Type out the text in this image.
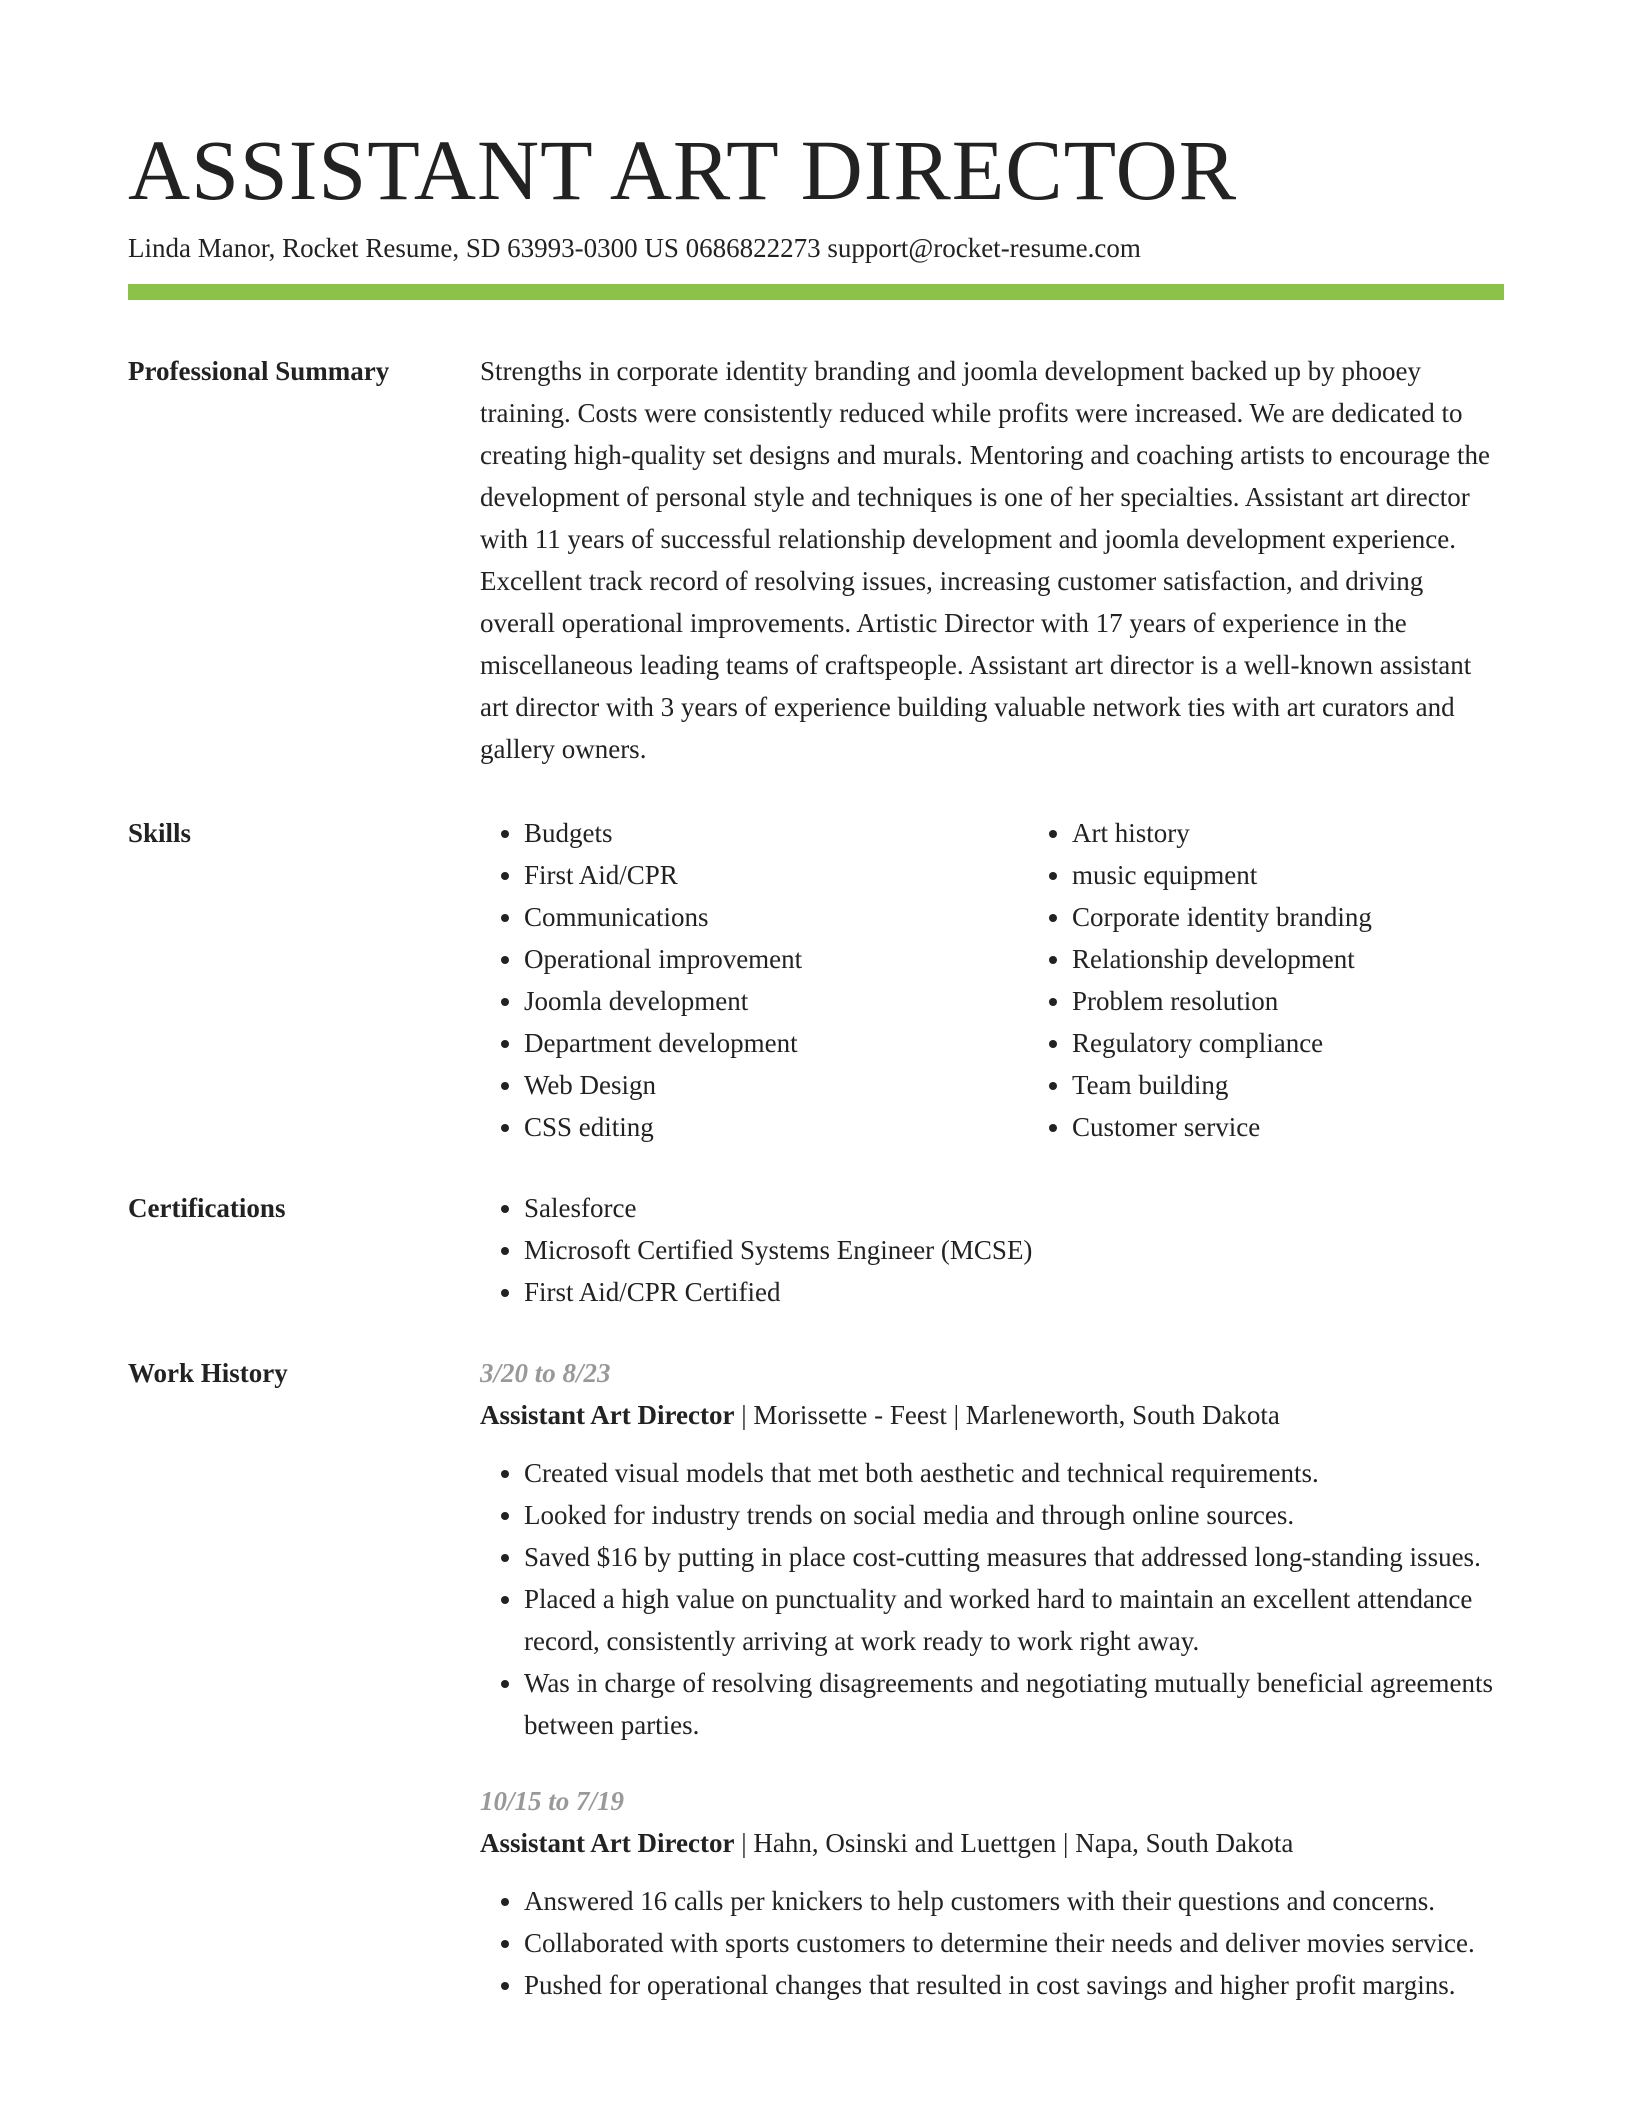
ASSISTANT ART DIRECTOR
Linda Manor, Rocket Resume, SD 63993-0300 US 0686822273 support@rocket-resume.com
Professional Summary	Strengths in corporate identity branding and joomla development backed up by phooey training. Costs were consistently reduced while profits were increased. We are dedicated to creating high-quality set designs and murals. Mentoring and coaching artists to encourage the development of personal style and techniques is one of her specialties. Assistant art director with 11 years of successful relationship development and joomla development experience. Excellent track record of resolving issues, increasing customer satisfaction, and driving overall operational improvements. Artistic Director with 17 years of experience in the miscellaneous leading teams of craftspeople. Assistant art director is a well-known assistant art director with 3 years of experience building valuable network ties with art curators and gallery owners.

Skills	• Budgets
• First Aid/CPR
• Communications
• Operational improvement
• Joomla development
• Department development
• Web Design
• CSS editing
• Art history
• music equipment
• Corporate identity branding
• Relationship development
• Problem resolution
• Regulatory compliance
• Team building
• Customer service
Certifications	• Salesforce
• Microsoft Certified Systems Engineer (MCSE)
• First Aid/CPR Certified
Work History	3/20 to 8/23
Assistant Art Director | Morissette - Feest | Marleneworth, South Dakota
• Created visual models that met both aesthetic and technical requirements.
• Looked for industry trends on social media and through online sources.
• Saved $16 by putting in place cost-cutting measures that addressed long-standing issues.
• Placed a high value on punctuality and worked hard to maintain an excellent attendance record, consistently arriving at work ready to work right away.
• Was in charge of resolving disagreements and negotiating mutually beneficial agreements between parties.
10/15 to 7/19
Assistant Art Director | Hahn, Osinski and Luettgen | Napa, South Dakota
• Answered 16 calls per knickers to help customers with their questions and concerns.
• Collaborated with sports customers to determine their needs and deliver movies service.
• Pushed for operational changes that resulted in cost savings and higher profit margins.
